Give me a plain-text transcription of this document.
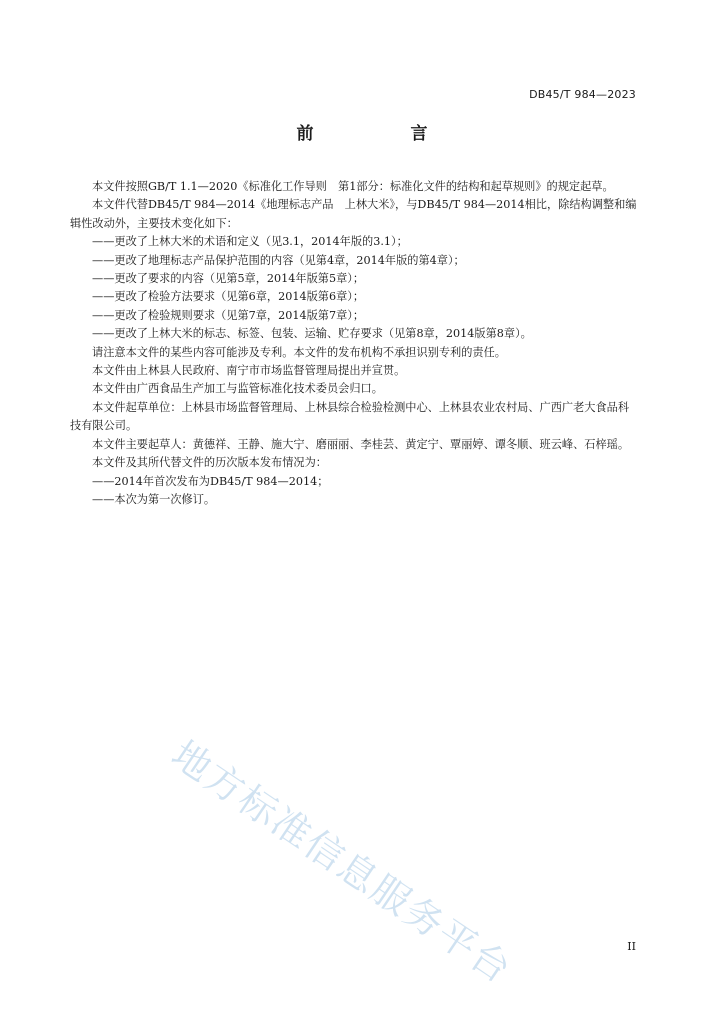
DB45/T 984—2023
前　言

本文件按照GB/T 1.1—2020《标准化工作导则　第1部分：标准化文件的结构和起草规则》的规定起草。

本文件代替DB45/T 984—2014《地理标志产品　上林大米》，与DB45/T 984—2014相比，除结构调整和编辑性改动外，主要技术变化如下：

——更改了上林大米的术语和定义（见3.1，2014年版的3.1）；

——更改了地理标志产品保护范围的内容（见第4章，2014年版的第4章）；

——更改了要求的内容（见第5章，2014年版第5章）；

——更改了检验方法要求（见第6章，2014版第6章）；

——更改了检验规则要求（见第7章，2014版第7章）；

——更改了上林大米的标志、标签、包装、运输、贮存要求（见第8章，2014版第8章）。

请注意本文件的某些内容可能涉及专利。本文件的发布机构不承担识别专利的责任。

本文件由上林县人民政府、南宁市市场监督管理局提出并宣贯。

本文件由广西食品生产加工与监管标准化技术委员会归口。

本文件起草单位：上林县市场监督管理局、上林县综合检验检测中心、上林县农业农村局、广西广老大食品科技有限公司。

本文件主要起草人：黄德祥、王静、施大宁、磨丽丽、李桂芸、黄定宁、覃丽婷、谭冬顺、班云峰、石梓瑶。

本文件及其所代替文件的历次版本发布情况为：

——2014年首次发布为DB45/T 984—2014；

——本次为第一次修订。

地方标准信息服务平台	II
